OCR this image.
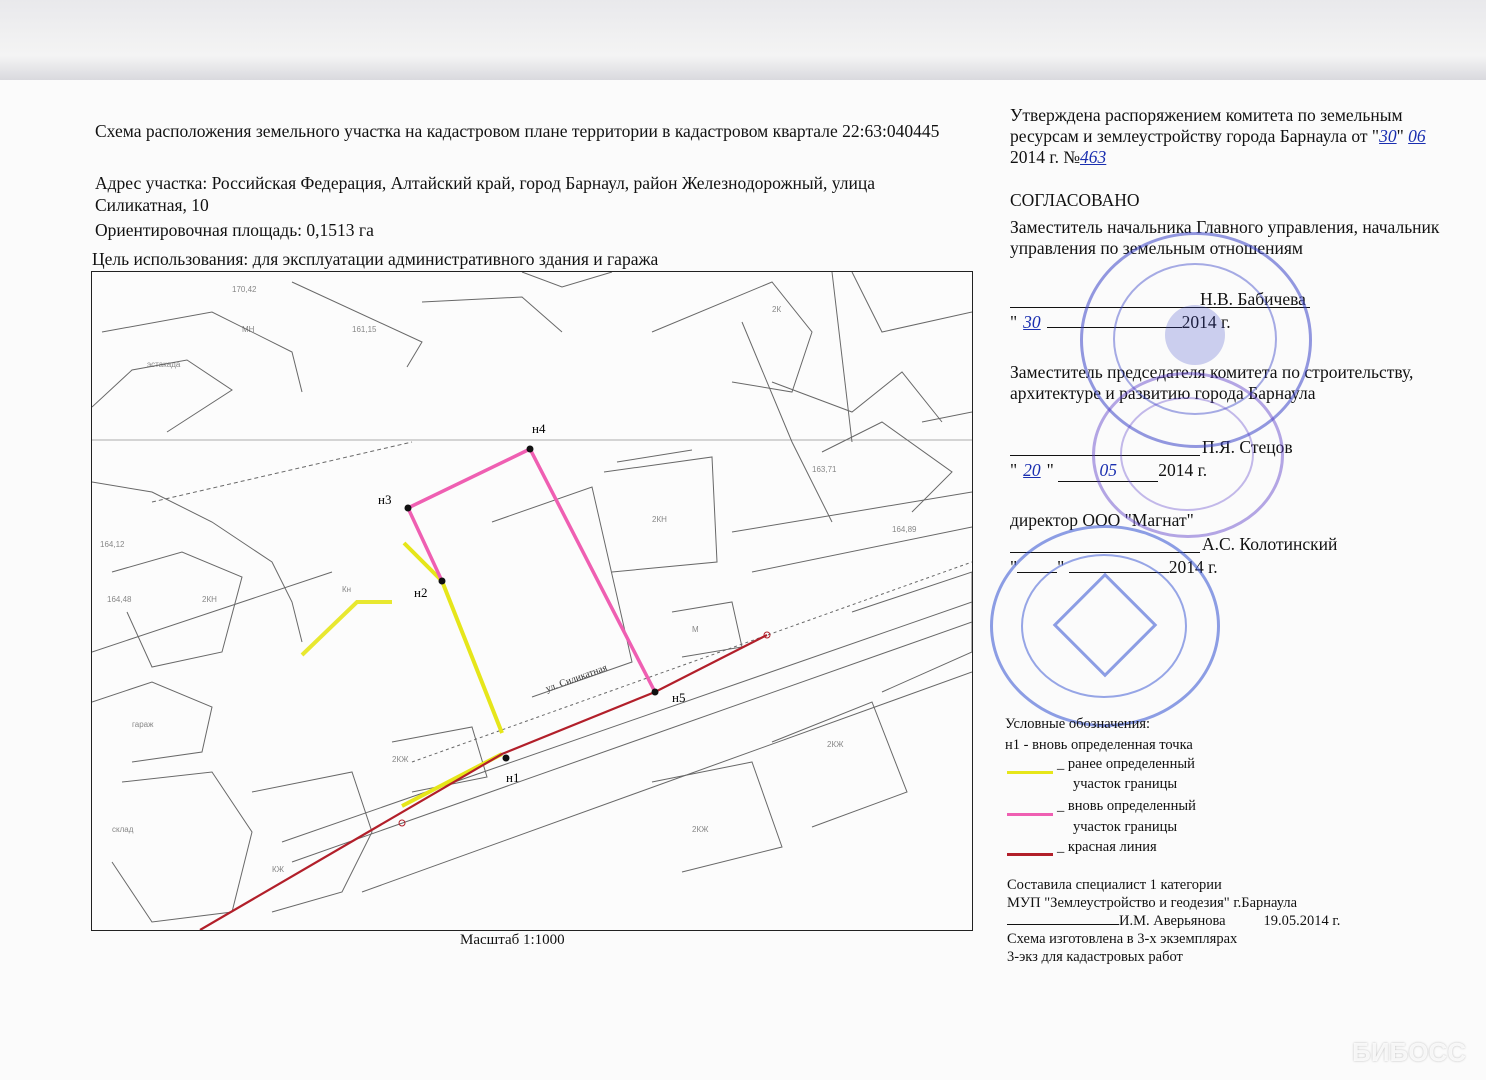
Схема расположения земельного участка на кадастровом плане территории в кадастровом квартале 22:63:040445
Адрес участка: Российская Федерация, Алтайский край, город Барнаул, район Железнодорожный, улица Силикатная, 10
Ориентировочная площадь: 0,1513 га
Цель использования: для эксплуатации административного здания и гаража
170,42
161,15
эстакада
МН
2КН
Кн
гараж
2КЖ
2КЖ
2КЖ
2КН
М
2К
КЖ
склад
164,12
164,48
163,71
164,89
ул. Силикатная
н1
н2
н3
н4
н5
Масштаб 1:1000
Утверждена распоряжением комитета по земельным ресурсам и землеустройству города Барнаула от "30" 06 2014 г. №463
СОГЛАСОВАНО
Заместитель начальника Главного управления, начальник управления по земельным отношениям
Н.В. Бабичева
" 30	2014 г.
Заместитель председателя комитета по строительству, архитектуре и развитию города Барнаула
П.Я. Стецов
" 20 " 05 2014 г.
директор ООО "Магнат"
А.С. Колотинский
" "	2014 г.
Условные обозначения:
н1 - вновь определенная точка
_ ранее определенный
участок границы
_ вновь определенный
участок границы
_ красная линия
Составила специалист 1 категории
МУП "Землеустройство и геодезия" г.Барнаула
И.М. Аверьянова	19.05.2014 г.
Схема изготовлена в 3-х экземплярах
3-экз для кадастровых работ
БИБОСС
